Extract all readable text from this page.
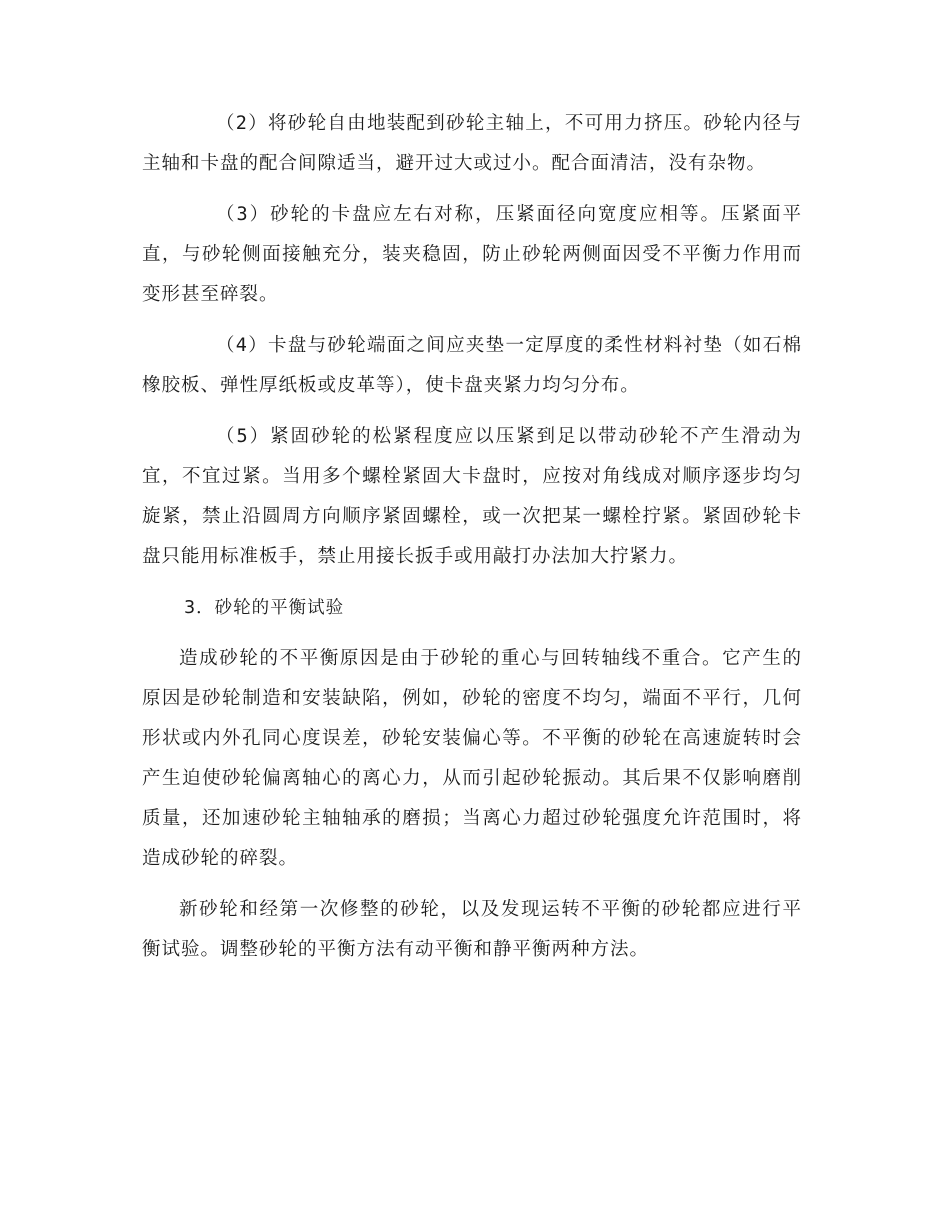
（2）将砂轮自由地装配到砂轮主轴上，不可用力挤压。砂轮内径与主轴和卡盘的配合间隙适当，避开过大或过小。配合面清洁，没有杂物。

（3）砂轮的卡盘应左右对称，压紧面径向宽度应相等。压紧面平直，与砂轮侧面接触充分，装夹稳固，防止砂轮两侧面因受不平衡力作用而变形甚至碎裂。

（4）卡盘与砂轮端面之间应夹垫一定厚度的柔性材料衬垫（如石棉橡胶板、弹性厚纸板或皮革等），使卡盘夹紧力均匀分布。

（5）紧固砂轮的松紧程度应以压紧到足以带动砂轮不产生滑动为宜，不宜过紧。当用多个螺栓紧固大卡盘时，应按对角线成对顺序逐步均匀旋紧，禁止沿圆周方向顺序紧固螺栓，或一次把某一螺栓拧紧。紧固砂轮卡盘只能用标准板手，禁止用接长扳手或用敲打办法加大拧紧力。

3．砂轮的平衡试验

造成砂轮的不平衡原因是由于砂轮的重心与回转轴线不重合。它产生的原因是砂轮制造和安装缺陷，例如，砂轮的密度不均匀，端面不平行，几何形状或内外孔同心度误差，砂轮安装偏心等。不平衡的砂轮在高速旋转时会产生迫使砂轮偏离轴心的离心力，从而引起砂轮振动。其后果不仅影响磨削质量，还加速砂轮主轴轴承的磨损；当离心力超过砂轮强度允许范围时，将造成砂轮的碎裂。

新砂轮和经第一次修整的砂轮，以及发现运转不平衡的砂轮都应进行平衡试验。调整砂轮的平衡方法有动平衡和静平衡两种方法。
